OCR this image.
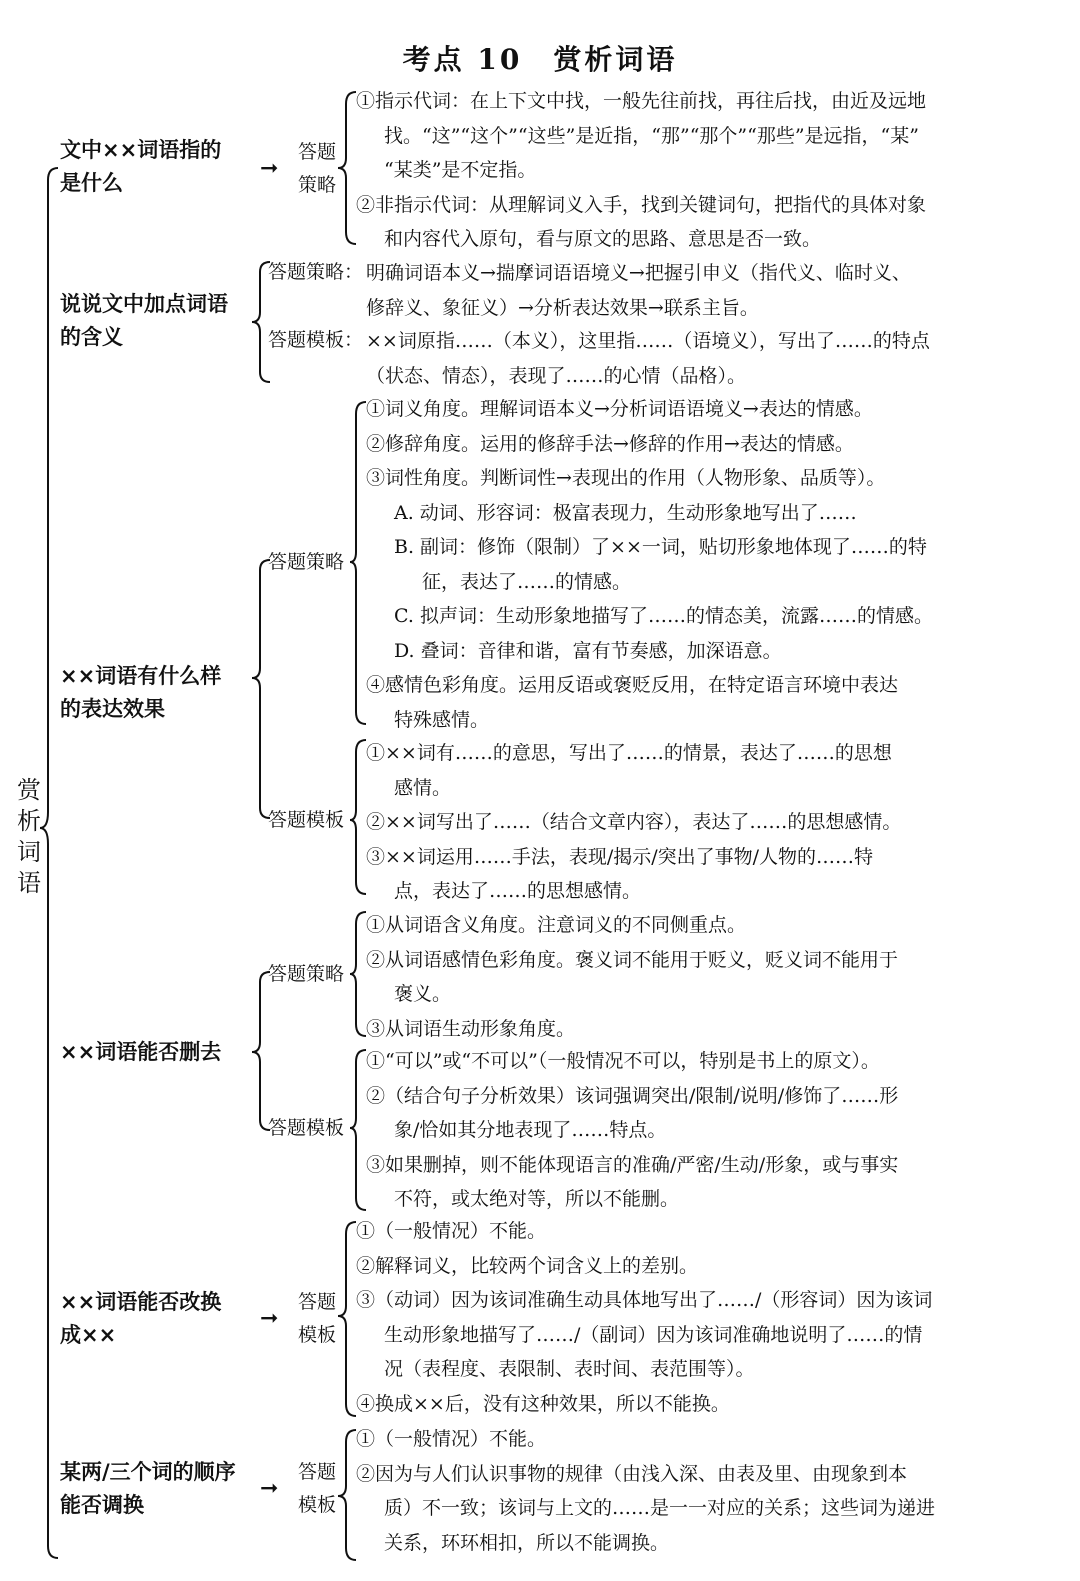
考点 10　赏析词语
赏析词语
文中××词语指的
是什么
➞
答题
策略
①指示代词：在上下文中找，一般先往前找，再往后找，由近及远地
找。“这”“这个”“这些”是近指，“那”“那个”“那些”是远指，“某”
“某类”是不定指。
②非指示代词：从理解词义入手，找到关键词句，把指代的具体对象
和内容代入原句，看与原文的思路、意思是否一致。
说说文中加点词语
的含义
答题策略： 明确词语本义→揣摩词语语境义→把握引申义（指代义、临时义、
修辞义、象征义）→分析表达效果→联系主旨。
答题模板： ××词原指……（本义），这里指……（语境义），写出了……的特点
（状态、情态），表现了……的心情（品格）。
××词语有什么样
的表达效果
答题策略
①词义角度。理解词语本义→分析词语语境义→表达的情感。
②修辞角度。运用的修辞手法→修辞的作用→表达的情感。
③词性角度。判断词性→表现出的作用（人物形象、品质等）。
A. 动词、形容词：极富表现力，生动形象地写出了……
B. 副词：修饰（限制）了××一词，贴切形象地体现了……的特
征，表达了……的情感。
C. 拟声词：生动形象地描写了……的情态美，流露……的情感。
D. 叠词：音律和谐，富有节奏感，加深语意。
④感情色彩角度。运用反语或褒贬反用，在特定语言环境中表达
特殊感情。
答题模板
①××词有……的意思，写出了……的情景，表达了……的思想
感情。
②××词写出了……（结合文章内容），表达了……的思想感情。
③××词运用……手法，表现/揭示/突出了事物/人物的……特
点，表达了……的思想感情。
××词语能否删去
答题策略
①从词语含义角度。注意词义的不同侧重点。
②从词语感情色彩角度。褒义词不能用于贬义，贬义词不能用于
褒义。
③从词语生动形象角度。
答题模板
①“可以”或“不可以”（一般情况不可以，特别是书上的原文）。
②（结合句子分析效果）该词强调突出/限制/说明/修饰了……形
象/恰如其分地表现了……特点。
③如果删掉，则不能体现语言的准确/严密/生动/形象，或与事实
不符，或太绝对等，所以不能删。
××词语能否改换
成××
➞
答题
模板
①（一般情况）不能。
②解释词义，比较两个词含义上的差别。
③（动词）因为该词准确生动具体地写出了……/（形容词）因为该词
生动形象地描写了……/（副词）因为该词准确地说明了……的情
况（表程度、表限制、表时间、表范围等）。
④换成××后，没有这种效果，所以不能换。
某两/三个词的顺序
能否调换
➞
答题
模板
①（一般情况）不能。
②因为与人们认识事物的规律（由浅入深、由表及里、由现象到本
质）不一致；该词与上文的……是一一对应的关系；这些词为递进
关系，环环相扣，所以不能调换。
